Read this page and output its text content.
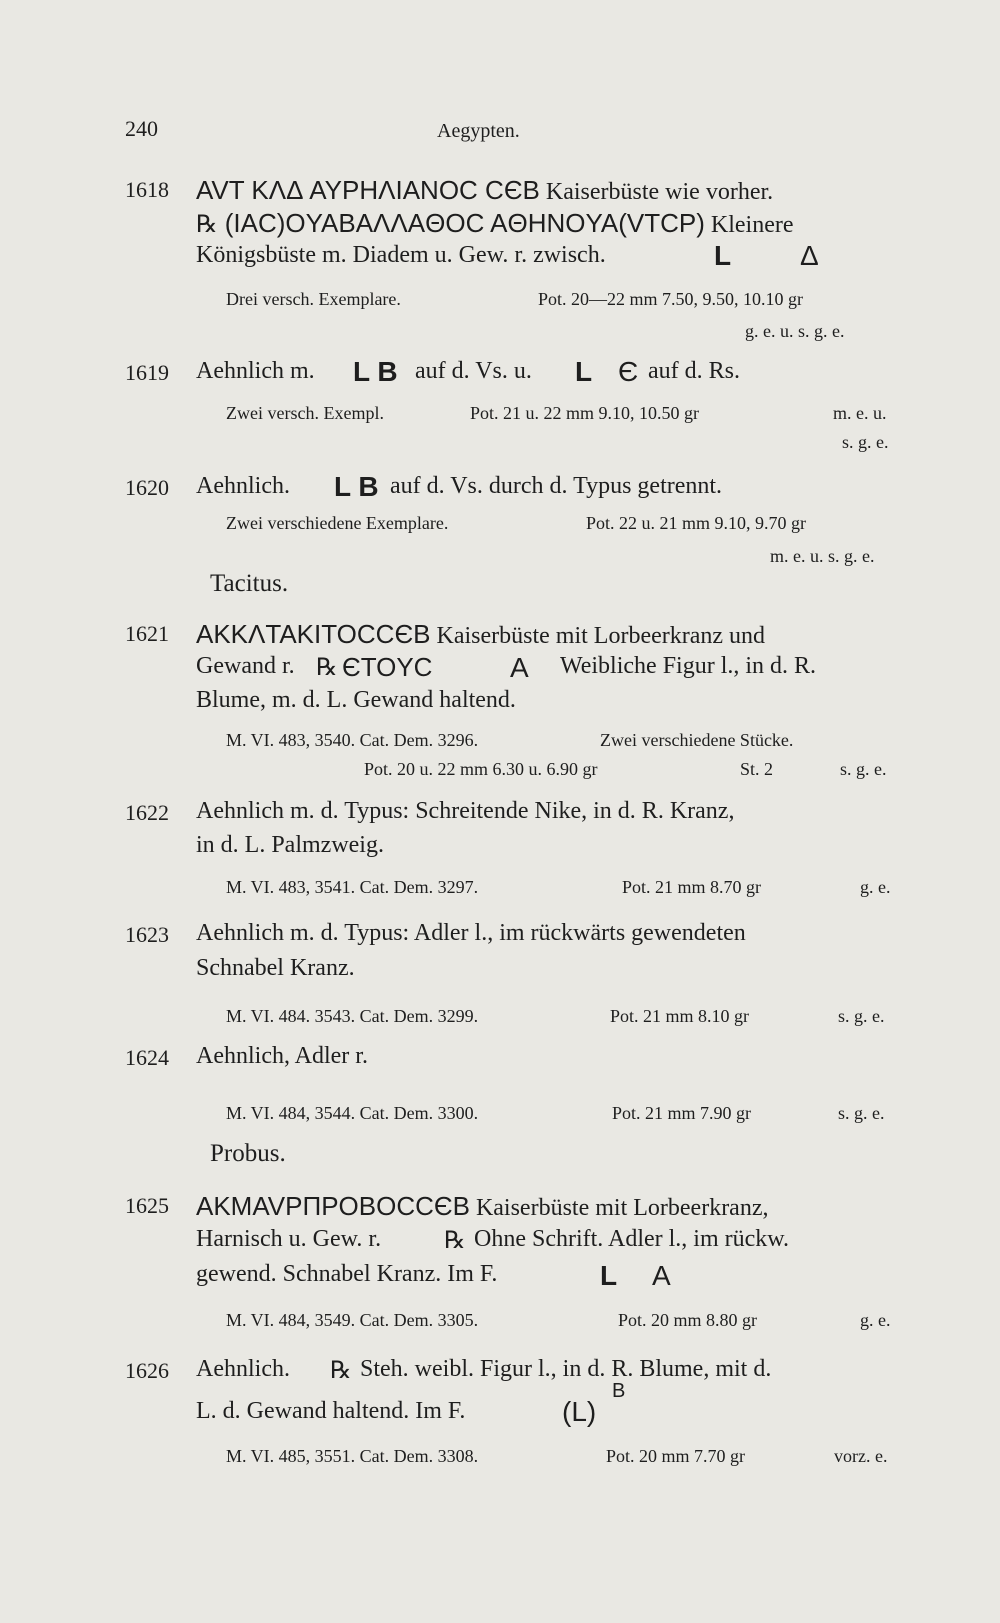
240	Aegypten.
1618 AVT KΛΔ AYPHΛIANOC CЄB Kaiserbüste wie vorher.
℞ (IAC)OYABAΛΛAΘOC AΘHNOYA(VTCP) Kleinere
Königsbüste m. Diadem u. Gew. r. zwisch.	L Δ
Drei versch. Exemplare.	Pot. 20—22 mm 7.50, 9.50, 10.10 gr
g. e. u. s. g. e.
1619 Aehnlich m. L B auf d. Vs. u. L Є auf d. Rs.
Zwei versch. Exempl.	Pot. 21 u. 22 mm 9.10, 10.50 gr	m. e. u.
s. g. e.
1620 Aehnlich. L B auf d. Vs. durch d. Typus getrennt.
Zwei verschiedene Exemplare.	Pot. 22 u. 21 mm 9.10, 9.70 gr
m. e. u. s. g. e.
Tacitus.
1621 AKKΛTAKITOCCЄB Kaiserbüste mit Lorbeerkranz und
Gewand r. ℞ ЄTOYC	A Weibliche Figur l., in d. R.
Blume, m. d. L. Gewand haltend.
M. VI. 483, 3540. Cat. Dem. 3296.	Zwei verschiedene Stücke.
Pot. 20 u. 22 mm 6.30 u. 6.90 gr	St. 2	s. g. e.
1622 Aehnlich m. d. Typus: Schreitende Nike, in d. R. Kranz,
in d. L. Palmzweig.
M. VI. 483, 3541. Cat. Dem. 3297.	Pot. 21 mm 8.70 gr	g. e.
1623 Aehnlich m. d. Typus: Adler l., im rückwärts gewendeten
Schnabel Kranz.
M. VI. 484. 3543. Cat. Dem. 3299.	Pot. 21 mm 8.10 gr	s. g. e.
1624 Aehnlich, Adler r.
M. VI. 484, 3544. Cat. Dem. 3300.	Pot. 21 mm 7.90 gr	s. g. e.
Probus.
1625 AKMAVPΠPOBOCCЄB Kaiserbüste mit Lorbeerkranz,
Harnisch u. Gew. r.	℞ Ohne Schrift. Adler l., im rückw.
gewend. Schnabel Kranz. Im F.	L A
M. VI. 484, 3549. Cat. Dem. 3305.	Pot. 20 mm 8.80 gr	g. e.
1626 Aehnlich. ℞ Steh. weibl. Figur l., in d. R. Blume, mit d.
L. d. Gewand haltend. Im F.	(L)
B
M. VI. 485, 3551. Cat. Dem. 3308.	Pot. 20 mm 7.70 gr	vorz. e.
